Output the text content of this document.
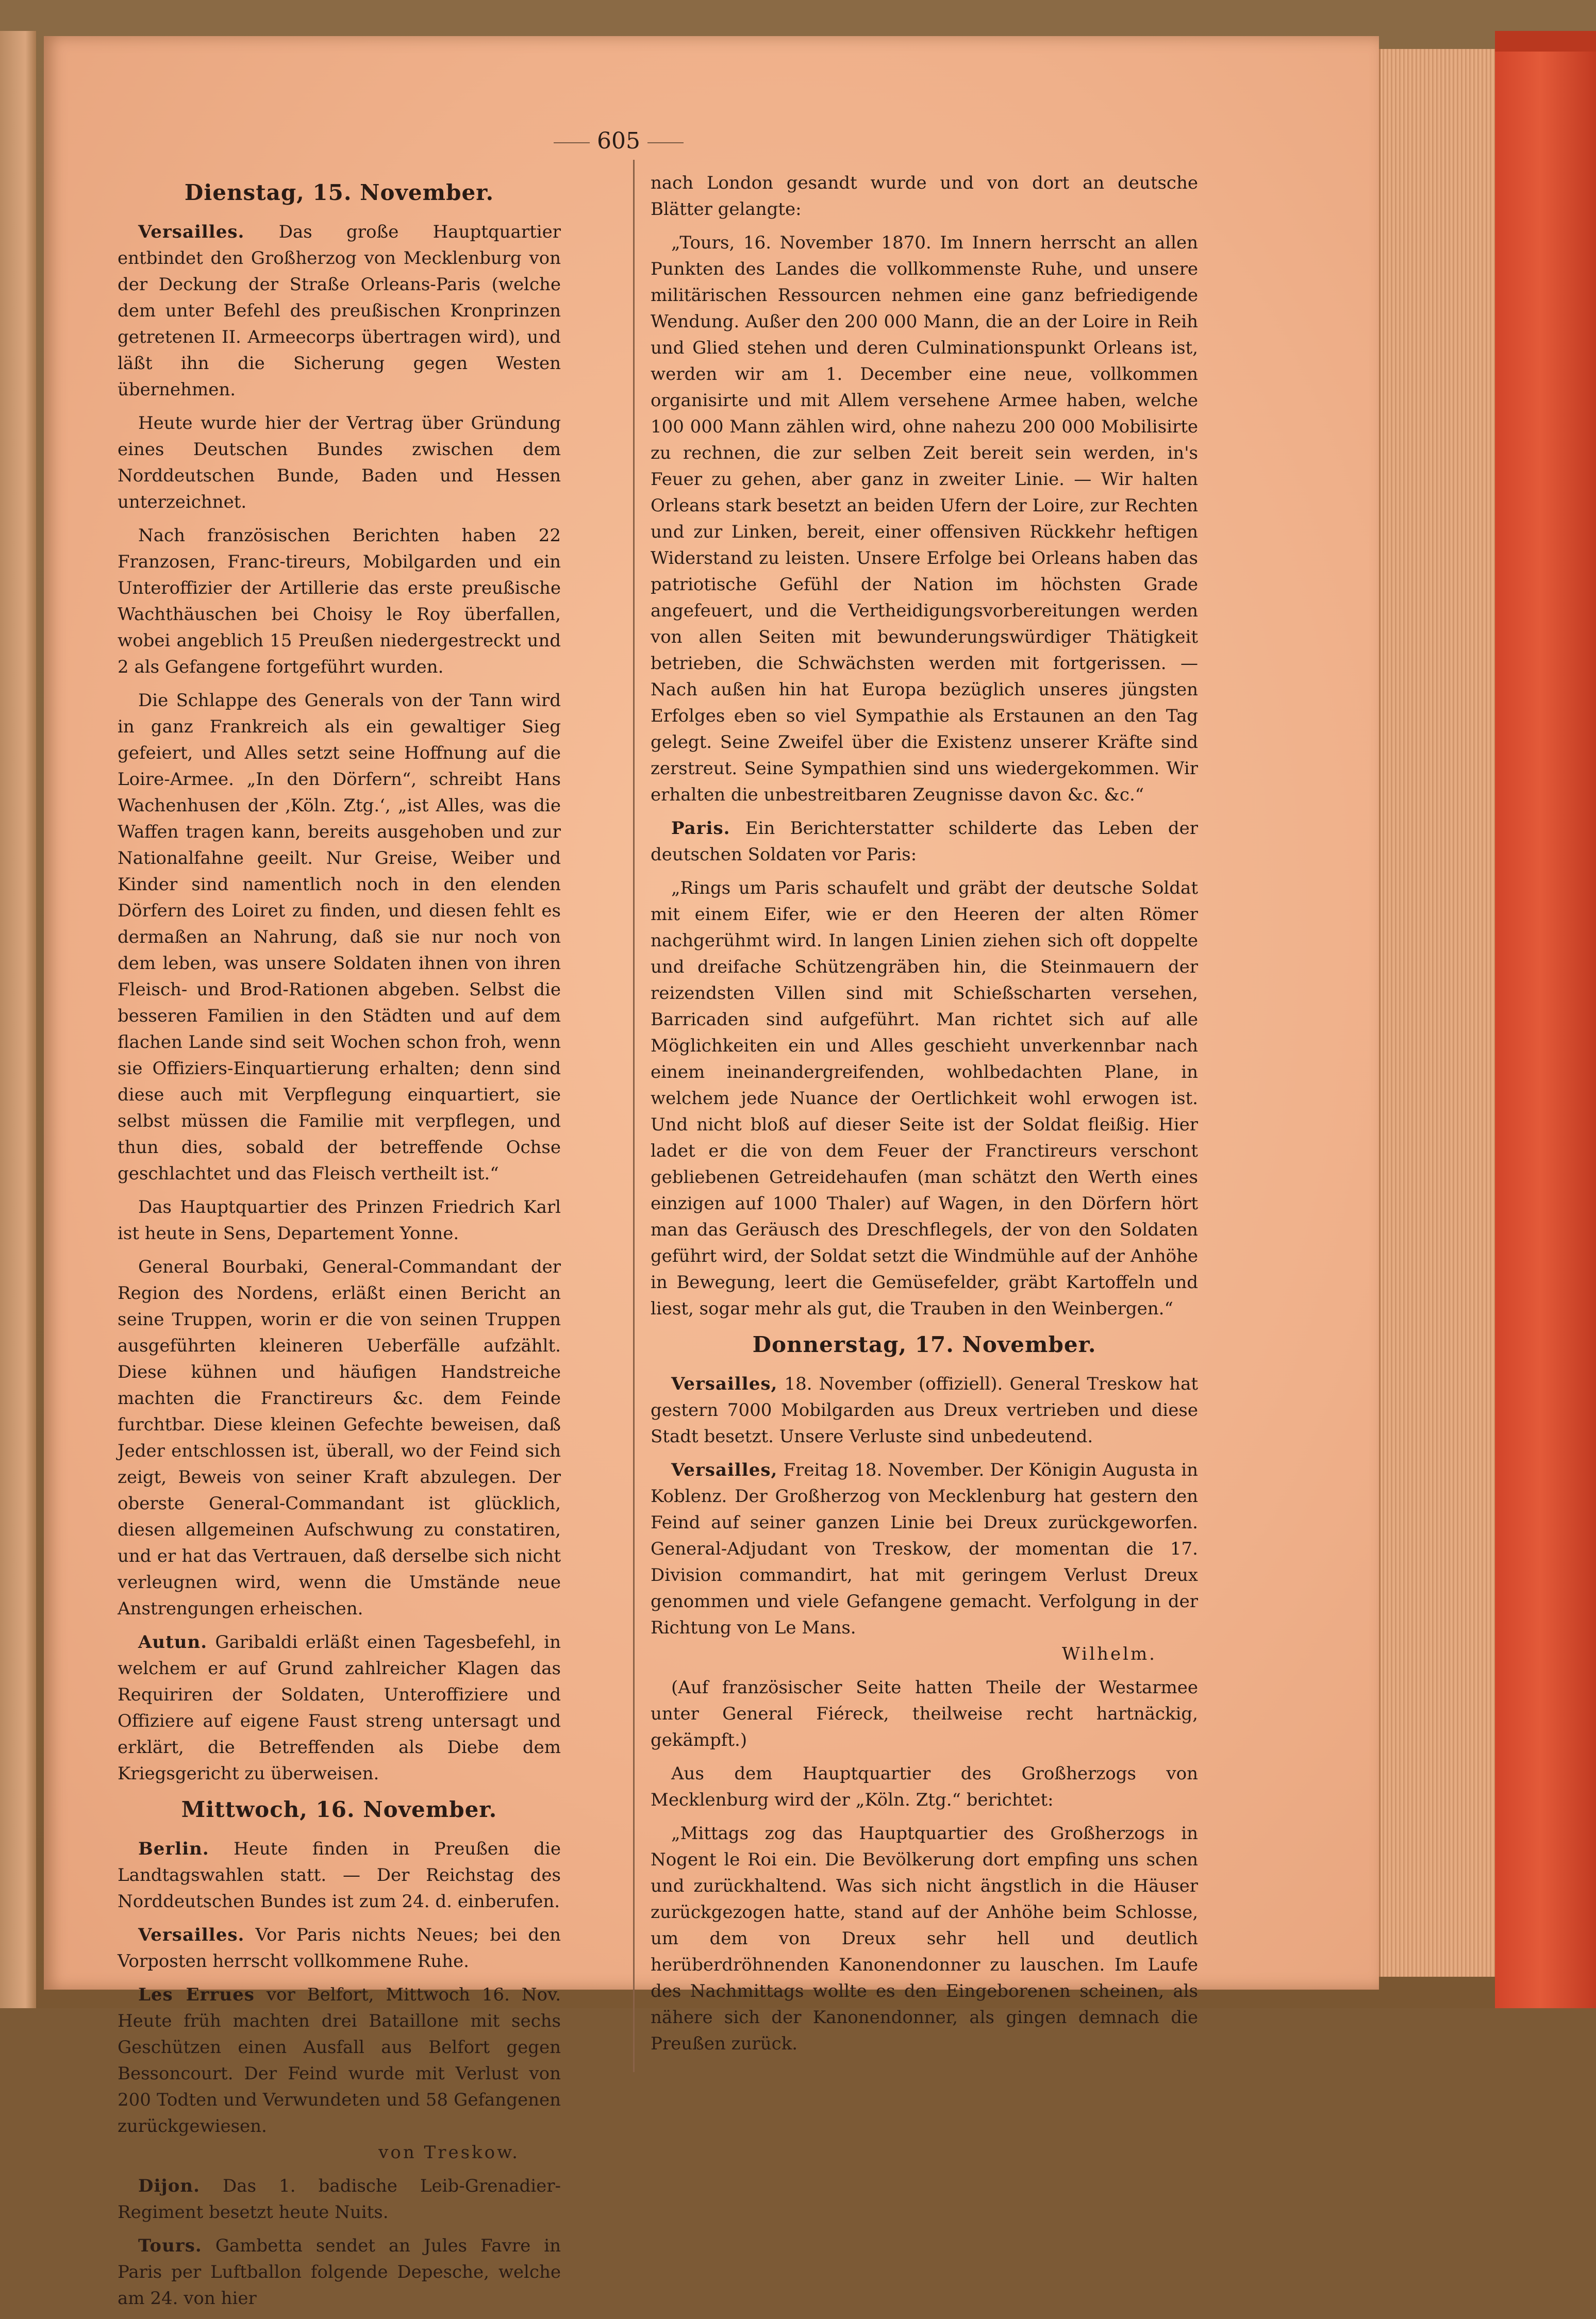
605
Dienstag, 15. November.

Versailles. Das große Hauptquartier entbindet den Großherzog von Mecklenburg von der Deckung der Straße Orleans-Paris (welche dem unter Befehl des preußischen Kronprinzen getretenen II. Armeecorps übertragen wird), und läßt ihn die Sicherung gegen Westen übernehmen.

Heute wurde hier der Vertrag über Gründung eines Deutschen Bundes zwischen dem Norddeutschen Bunde, Baden und Hessen unterzeichnet.

Nach französischen Berichten haben 22 Franzosen, Franc-tireurs, Mobilgarden und ein Unteroffizier der Artillerie das erste preußische Wachthäuschen bei Choisy le Roy überfallen, wobei angeblich 15 Preußen niedergestreckt und 2 als Gefangene fortgeführt wurden.

Die Schlappe des Generals von der Tann wird in ganz Frankreich als ein gewaltiger Sieg gefeiert, und Alles setzt seine Hoffnung auf die Loire-Armee. „In den Dörfern“, schreibt Hans Wachenhusen der ‚Köln. Ztg.‘, „ist Alles, was die Waffen tragen kann, bereits ausgehoben und zur Nationalfahne geeilt. Nur Greise, Weiber und Kinder sind namentlich noch in den elenden Dörfern des Loiret zu finden, und diesen fehlt es dermaßen an Nahrung, daß sie nur noch von dem leben, was unsere Soldaten ihnen von ihren Fleisch- und Brod-Rationen abgeben. Selbst die besseren Familien in den Städten und auf dem flachen Lande sind seit Wochen schon froh, wenn sie Offiziers-Einquartierung erhalten; denn sind diese auch mit Verpflegung einquartiert, sie selbst müssen die Familie mit verpflegen, und thun dies, sobald der betreffende Ochse geschlachtet und das Fleisch vertheilt ist.“

Das Hauptquartier des Prinzen Friedrich Karl ist heute in Sens, Departement Yonne.

General Bourbaki, General-Commandant der Region des Nordens, erläßt einen Bericht an seine Truppen, worin er die von seinen Truppen ausgeführten kleineren Ueberfälle aufzählt. Diese kühnen und häufigen Handstreiche machten die Franctireurs &c. dem Feinde furchtbar. Diese kleinen Gefechte beweisen, daß Jeder entschlossen ist, überall, wo der Feind sich zeigt, Beweis von seiner Kraft abzulegen. Der oberste General-Commandant ist glücklich, diesen allgemeinen Aufschwung zu constatiren, und er hat das Vertrauen, daß derselbe sich nicht verleugnen wird, wenn die Umstände neue Anstrengungen erheischen.

Autun. Garibaldi erläßt einen Tagesbefehl, in welchem er auf Grund zahlreicher Klagen das Requiriren der Soldaten, Unteroffiziere und Offiziere auf eigene Faust streng untersagt und erklärt, die Betreffenden als Diebe dem Kriegsgericht zu überweisen.

Mittwoch, 16. November.

Berlin. Heute finden in Preußen die Landtagswahlen statt. — Der Reichstag des Norddeutschen Bundes ist zum 24. d. einberufen.

Versailles. Vor Paris nichts Neues; bei den Vorposten herrscht vollkommene Ruhe.

Les Errues vor Belfort, Mittwoch 16. Nov. Heute früh machten drei Bataillone mit sechs Geschützen einen Ausfall aus Belfort gegen Bessoncourt. Der Feind wurde mit Verlust von 200 Todten und Verwundeten und 58 Gefangenen zurückgewiesen.
von Treskow.

Dijon. Das 1. badische Leib-Grenadier-Regiment besetzt heute Nuits.

Tours. Gambetta sendet an Jules Favre in Paris per Luftballon folgende Depesche, welche am 24. von hier

nach London gesandt wurde und von dort an deutsche Blätter gelangte:

„Tours, 16. November 1870. Im Innern herrscht an allen Punkten des Landes die vollkommenste Ruhe, und unsere militärischen Ressourcen nehmen eine ganz befriedigende Wendung. Außer den 200 000 Mann, die an der Loire in Reih und Glied stehen und deren Culminationspunkt Orleans ist, werden wir am 1. December eine neue, vollkommen organisirte und mit Allem versehene Armee haben, welche 100 000 Mann zählen wird, ohne nahezu 200 000 Mobilisirte zu rechnen, die zur selben Zeit bereit sein werden, in's Feuer zu gehen, aber ganz in zweiter Linie. — Wir halten Orleans stark besetzt an beiden Ufern der Loire, zur Rechten und zur Linken, bereit, einer offensiven Rückkehr heftigen Widerstand zu leisten. Unsere Erfolge bei Orleans haben das patriotische Gefühl der Nation im höchsten Grade angefeuert, und die Vertheidigungsvorbereitungen werden von allen Seiten mit bewunderungswürdiger Thätigkeit betrieben, die Schwächsten werden mit fortgerissen. — Nach außen hin hat Europa bezüglich unseres jüngsten Erfolges eben so viel Sympathie als Erstaunen an den Tag gelegt. Seine Zweifel über die Existenz unserer Kräfte sind zerstreut. Seine Sympathien sind uns wiedergekommen. Wir erhalten die unbestreitbaren Zeugnisse davon &c. &c.“

Paris. Ein Berichterstatter schilderte das Leben der deutschen Soldaten vor Paris:

„Rings um Paris schaufelt und gräbt der deutsche Soldat mit einem Eifer, wie er den Heeren der alten Römer nachgerühmt wird. In langen Linien ziehen sich oft doppelte und dreifache Schützengräben hin, die Steinmauern der reizendsten Villen sind mit Schießscharten versehen, Barricaden sind aufgeführt. Man richtet sich auf alle Möglichkeiten ein und Alles geschieht unverkennbar nach einem ineinandergreifenden, wohlbedachten Plane, in welchem jede Nuance der Oertlichkeit wohl erwogen ist. Und nicht bloß auf dieser Seite ist der Soldat fleißig. Hier ladet er die von dem Feuer der Franctireurs verschont gebliebenen Getreidehaufen (man schätzt den Werth eines einzigen auf 1000 Thaler) auf Wagen, in den Dörfern hört man das Geräusch des Dreschflegels, der von den Soldaten geführt wird, der Soldat setzt die Windmühle auf der Anhöhe in Bewegung, leert die Gemüsefelder, gräbt Kartoffeln und liest, sogar mehr als gut, die Trauben in den Weinbergen.“

Donnerstag, 17. November.

Versailles, 18. November (offiziell). General Treskow hat gestern 7000 Mobilgarden aus Dreux vertrieben und diese Stadt besetzt. Unsere Verluste sind unbedeutend.

Versailles, Freitag 18. November. Der Königin Augusta in Koblenz. Der Großherzog von Mecklenburg hat gestern den Feind auf seiner ganzen Linie bei Dreux zurückgeworfen. General-Adjudant von Treskow, der momentan die 17. Division commandirt, hat mit geringem Verlust Dreux genommen und viele Gefangene gemacht. Verfolgung in der Richtung von Le Mans.
Wilhelm.

(Auf französischer Seite hatten Theile der Westarmee unter General Fiéreck, theilweise recht hartnäckig, gekämpft.)

Aus dem Hauptquartier des Großherzogs von Mecklenburg wird der „Köln. Ztg.“ berichtet:

„Mittags zog das Hauptquartier des Großherzogs in Nogent le Roi ein. Die Bevölkerung dort empfing uns schen und zurückhaltend. Was sich nicht ängstlich in die Häuser zurückgezogen hatte, stand auf der Anhöhe beim Schlosse, um dem von Dreux sehr hell und deutlich herüberdröhnenden Kanonendonner zu lauschen. Im Laufe des Nachmittags wollte es den Eingeborenen scheinen, als nähere sich der Kanonendonner, als gingen demnach die Preußen zurück.
